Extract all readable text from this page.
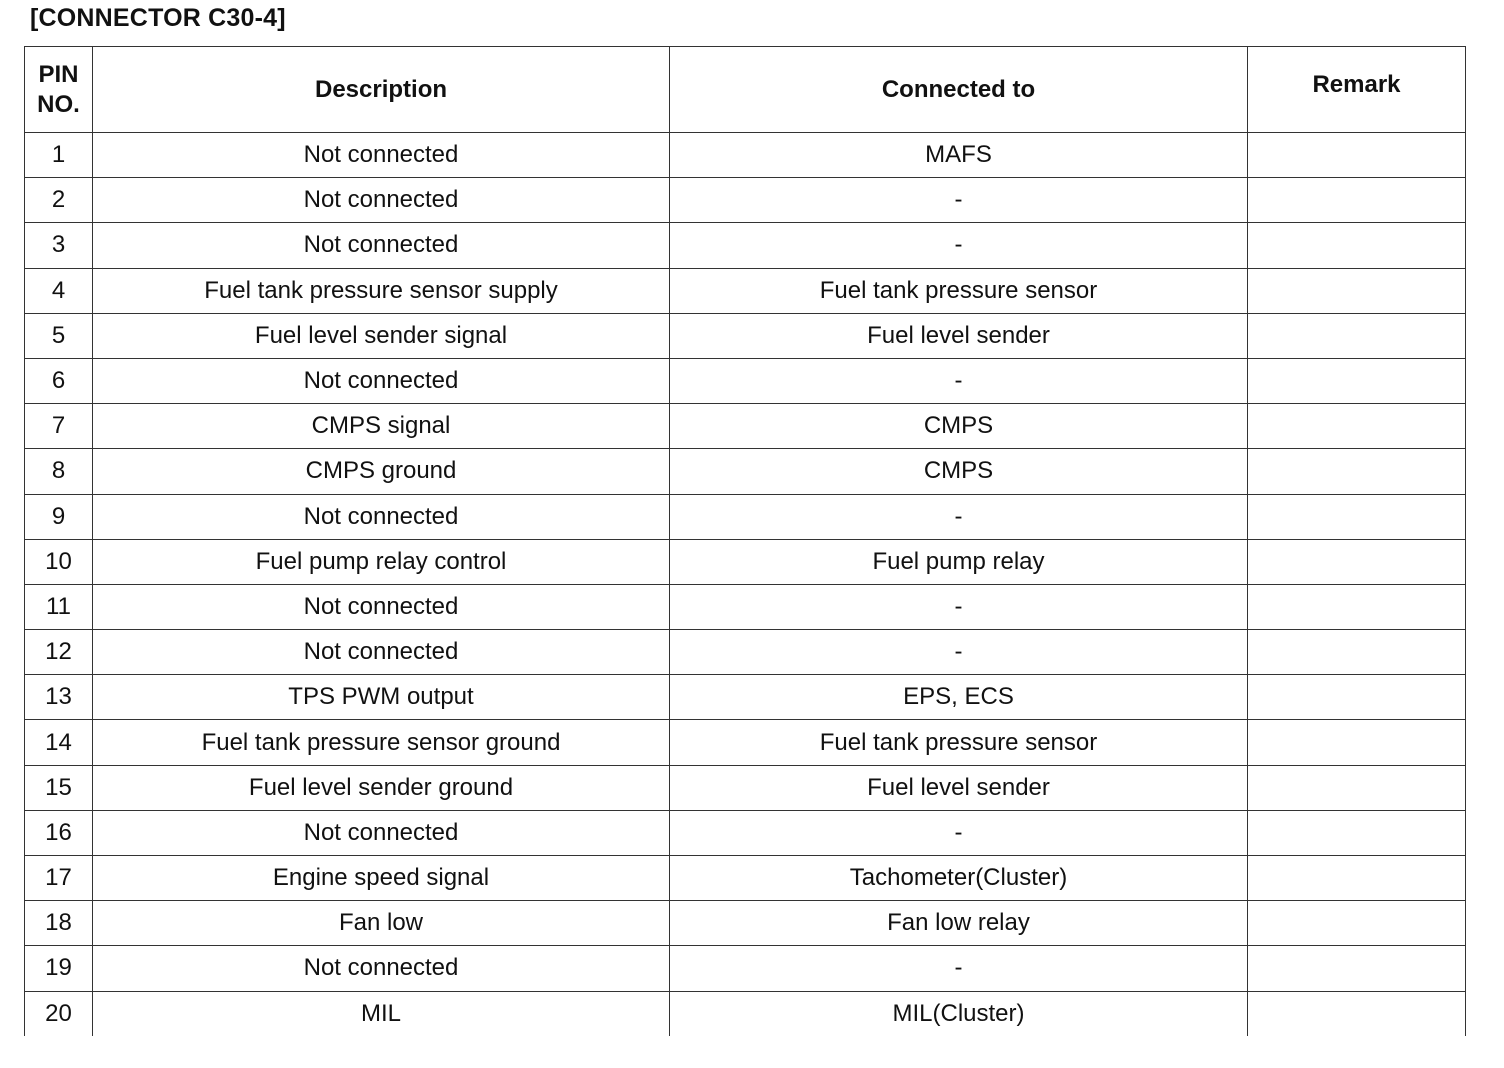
[CONNECTOR C30-4]
PIN
NO.	Description	Connected to	Remark
1	Not connected	MAFS	
2	Not connected	-	
3	Not connected	-	
4	Fuel tank pressure sensor supply	Fuel tank pressure sensor	
5	Fuel level sender signal	Fuel level sender	
6	Not connected	-	
7	CMPS signal	CMPS	
8	CMPS ground	CMPS	
9	Not connected	-	
10	Fuel pump relay control	Fuel pump relay	
11	Not connected	-	
12	Not connected	-	
13	TPS PWM output	EPS, ECS	
14	Fuel tank pressure sensor ground	Fuel tank pressure sensor	
15	Fuel level sender ground	Fuel level sender	
16	Not connected	-	
17	Engine speed signal	Tachometer(Cluster)	
18	Fan low	Fan low relay	
19	Not connected	-	
20	MIL	MIL(Cluster)	
